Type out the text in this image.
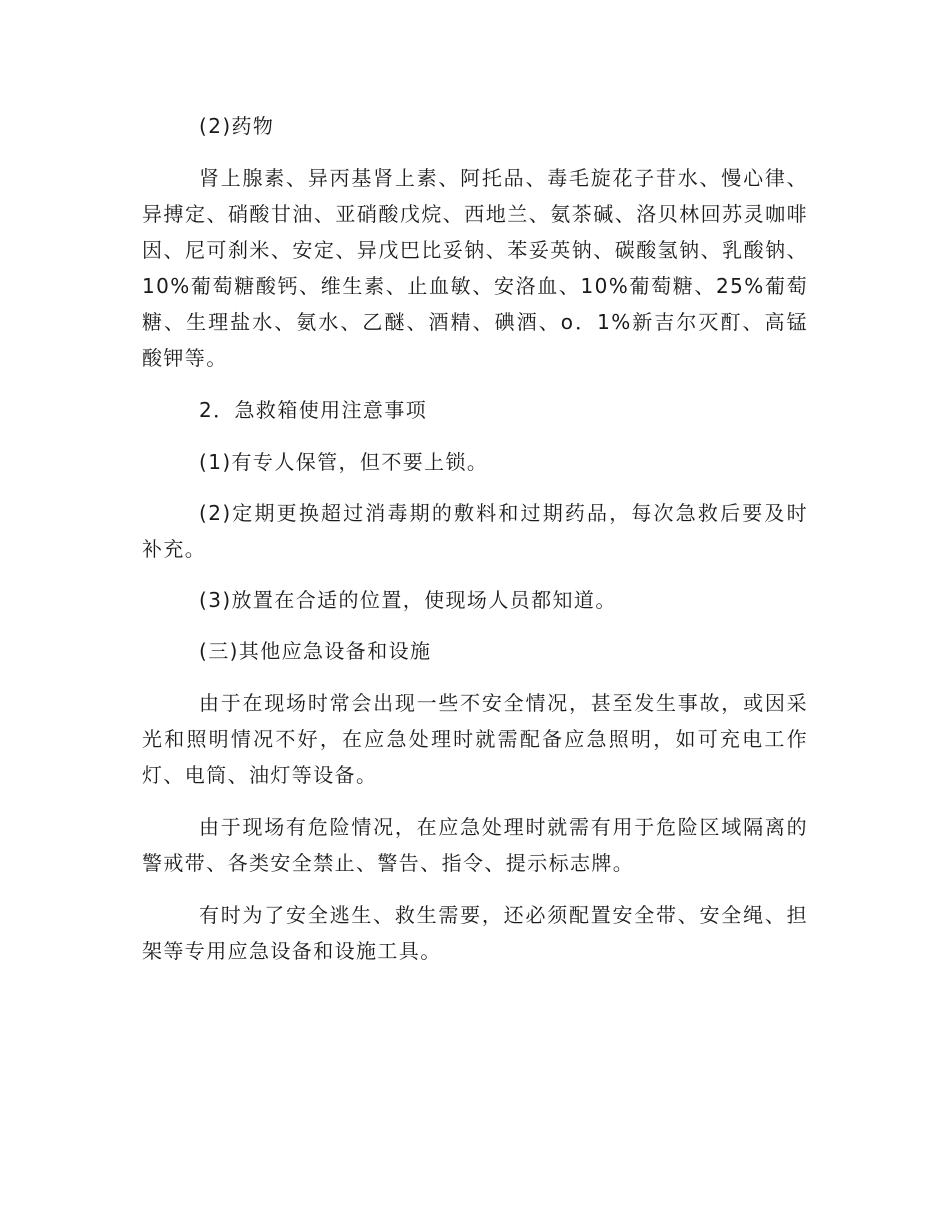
(2)药物

肾上腺素、异丙基肾上素、阿托品、毒毛旋花子苷水、慢心律、异搏定、硝酸甘油、亚硝酸戊烷、西地兰、氨茶碱、洛贝林回苏灵咖啡因、尼可刹米、安定、异戊巴比妥钠、苯妥英钠、碳酸氢钠、乳酸钠、10%葡萄糖酸钙、维生素、止血敏、安洛血、10%葡萄糖、25%葡萄糖、生理盐水、氨水、乙醚、酒精、碘酒、o．1%新吉尔灭酊、高锰酸钾等。

2．急救箱使用注意事项

(1)有专人保管，但不要上锁。

(2)定期更换超过消毒期的敷料和过期药品，每次急救后要及时补充。

(3)放置在合适的位置，使现场人员都知道。

(三)其他应急设备和设施

由于在现场时常会出现一些不安全情况，甚至发生事故，或因采光和照明情况不好，在应急处理时就需配备应急照明，如可充电工作灯、电筒、油灯等设备。

由于现场有危险情况，在应急处理时就需有用于危险区域隔离的警戒带、各类安全禁止、警告、指令、提示标志牌。

有时为了安全逃生、救生需要，还必须配置安全带、安全绳、担架等专用应急设备和设施工具。
